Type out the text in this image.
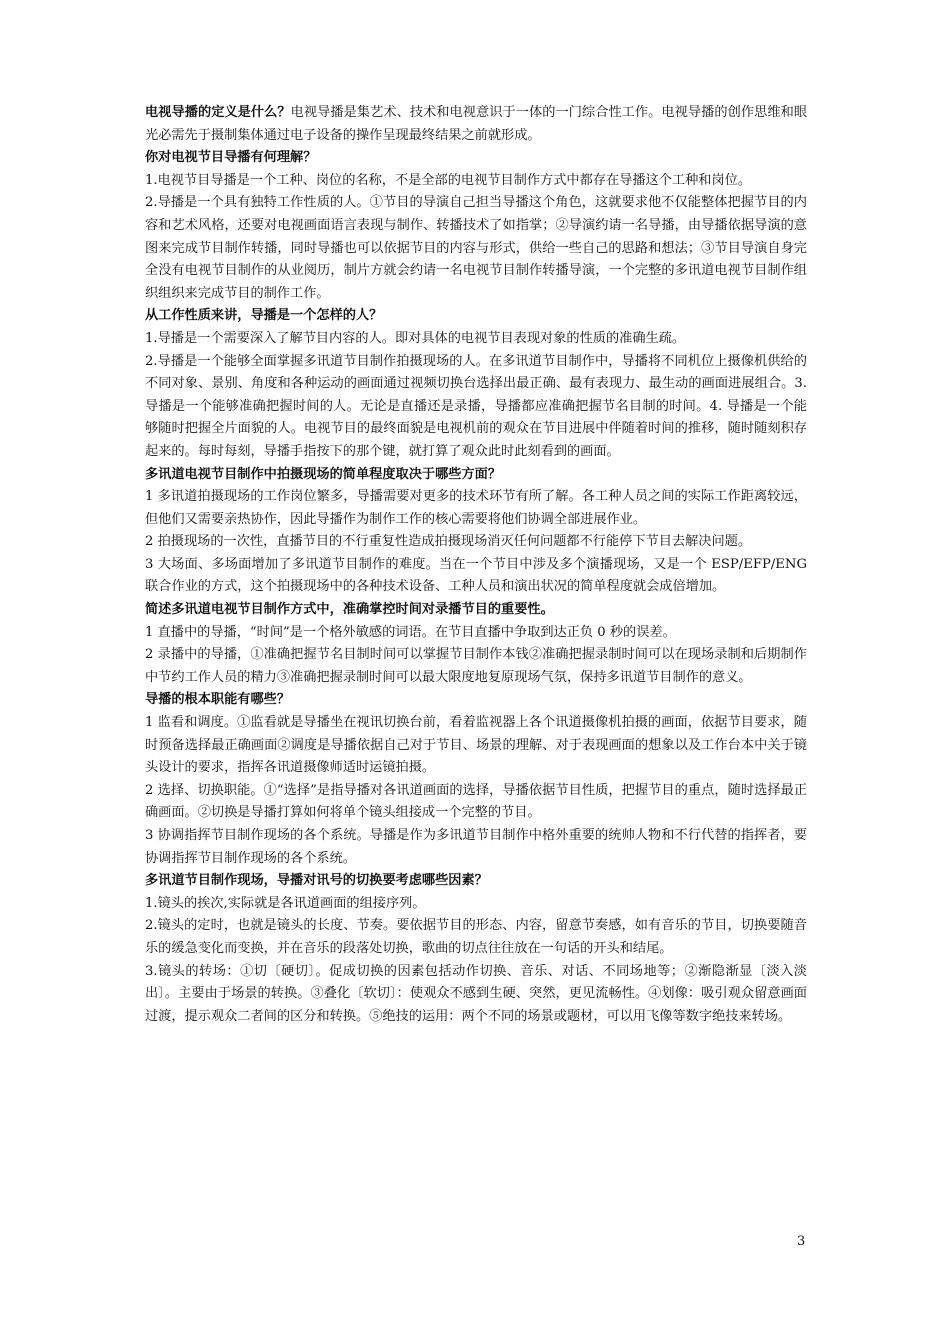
电视导播的定义是什么？电视导播是集艺术、技术和电视意识于一体的一门综合性工作。电视导播的创作思维和眼光必需先于摄制集体通过电子设备的操作呈现最终结果之前就形成。

你对电视节目导播有何理解？

1.电视节目导播是一个工种、岗位的名称，不是全部的电视节目制作方式中都存在导播这个工种和岗位。

2.导播是一个具有独特工作性质的人。①节目的导演自己担当导播这个角色，这就要求他不仅能整体把握节目的内容和艺术风格，还要对电视画面语言表现与制作、转播技术了如指掌；②导演约请一名导播，由导播依据导演的意图来完成节目制作转播，同时导播也可以依据节目的内容与形式，供给一些自己的思路和想法；③节目导演自身完全没有电视节目制作的从业阅历，制片方就会约请一名电视节目制作转播导演，一个完整的多讯道电视节目制作组织组织来完成节目的制作工作。

从工作性质来讲，导播是一个怎样的人？

1.导播是一个需要深入了解节目内容的人。即对具体的电视节目表现对象的性质的准确生疏。

2.导播是一个能够全面掌握多讯道节目制作拍摄现场的人。在多讯道节目制作中，导播将不同机位上摄像机供给的不同对象、景别、角度和各种运动的画面通过视频切换台选择出最正确、最有表现力、最生动的画面进展组合。3. 导播是一个能够准确把握时间的人。无论是直播还是录播，导播都应准确把握节名目制的时间。4. 导播是一个能够随时把握全片面貌的人。电视节目的最终面貌是电视机前的观众在节目进展中伴随着时间的推移，随时随刻积存起来的。每时每刻，导播手指按下的那个键，就打算了观众此时此刻看到的画面。

多讯道电视节目制作中拍摄现场的简单程度取决于哪些方面？

1 多讯道拍摄现场的工作岗位繁多，导播需要对更多的技术环节有所了解。各工种人员之间的实际工作距离较远，但他们又需要亲热协作，因此导播作为制作工作的核心需要将他们协调全部进展作业。

2 拍摄现场的一次性，直播节目的不行重复性造成拍摄现场消灭任何问题都不行能停下节目去解决问题。

3 大场面、多场面增加了多讯道节目制作的难度。当在一个节目中涉及多个演播现场，又是一个 ESP/EFP/ENG 联合作业的方式，这个拍摄现场中的各种技术设备、工种人员和演出状况的简单程度就会成倍增加。

简述多讯道电视节目制作方式中，准确掌控时间对录播节目的重要性。

1 直播中的导播，“时间”是一个格外敏感的词语。在节目直播中争取到达正负 0 秒的误差。

2 录播中的导播，①准确把握节名目制时间可以掌握节目制作本钱②准确把握录制时间可以在现场录制和后期制作中节约工作人员的精力③准确把握录制时间可以最大限度地复原现场气氛，保持多讯道节目制作的意义。

导播的根本职能有哪些？

1 监看和调度。①监看就是导播坐在视讯切换台前，看着监视器上各个讯道摄像机拍摄的画面，依据节目要求，随时预备选择最正确画面②调度是导播依据自己对于节目、场景的理解、对于表现画面的想象以及工作台本中关于镜头设计的要求，指挥各讯道摄像师适时运镜拍摄。

2 选择、切换职能。①“选择”是指导播对各讯道画面的选择，导播依据节目性质，把握节目的重点，随时选择最正确画面。②切换是导播打算如何将单个镜头组接成一个完整的节目。

3 协调指挥节目制作现场的各个系统。导播是作为多讯道节目制作中格外重要的统帅人物和不行代替的指挥者，要协调指挥节目制作现场的各个系统。

多讯道节目制作现场，导播对讯号的切换要考虑哪些因素？

1.镜头的挨次,实际就是各讯道画面的组接序列。

2.镜头的定时，也就是镜头的长度、节奏。要依据节目的形态、内容，留意节奏感，如有音乐的节目，切换要随音乐的缓急变化而变换，并在音乐的段落处切换，歌曲的切点往往放在一句话的开头和结尾。

3.镜头的转场：①切〔硬切〕。促成切换的因素包括动作切换、音乐、对话、不同场地等；②渐隐渐显〔淡入淡出〕。主要由于场景的转换。③叠化〔软切〕：使观众不感到生硬、突然，更见流畅性。④划像：吸引观众留意画面过渡，提示观众二者间的区分和转换。⑤绝技的运用：两个不同的场景或题材，可以用飞像等数字绝技来转场。

3
